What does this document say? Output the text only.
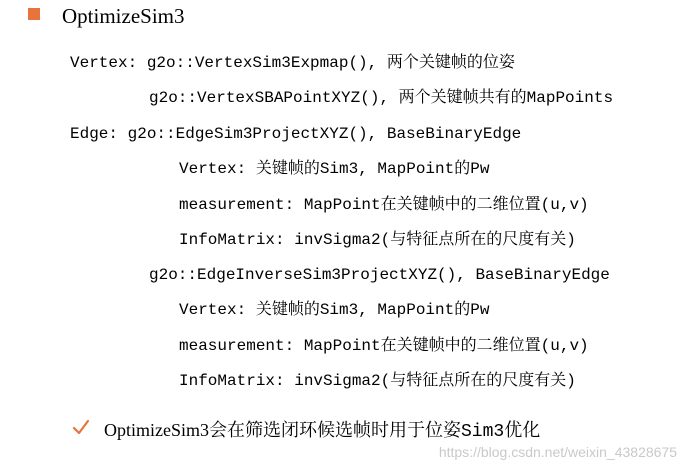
OptimizeSim3
Vertex: g2o::VertexSim3Expmap(), 两个关键帧的位姿
g2o::VertexSBAPointXYZ(), 两个关键帧共有的MapPoints
Edge: g2o::EdgeSim3ProjectXYZ(), BaseBinaryEdge
Vertex: 关键帧的Sim3, MapPoint的Pw
measurement: MapPoint在关键帧中的二维位置(u,v)
InfoMatrix: invSigma2(与特征点所在的尺度有关)
g2o::EdgeInverseSim3ProjectXYZ(), BaseBinaryEdge
Vertex: 关键帧的Sim3, MapPoint的Pw
measurement: MapPoint在关键帧中的二维位置(u,v)
InfoMatrix: invSigma2(与特征点所在的尺度有关)
OptimizeSim3会在筛选闭环候选帧时用于位姿Sim3优化
https://blog.csdn.net/weixin_43828675
